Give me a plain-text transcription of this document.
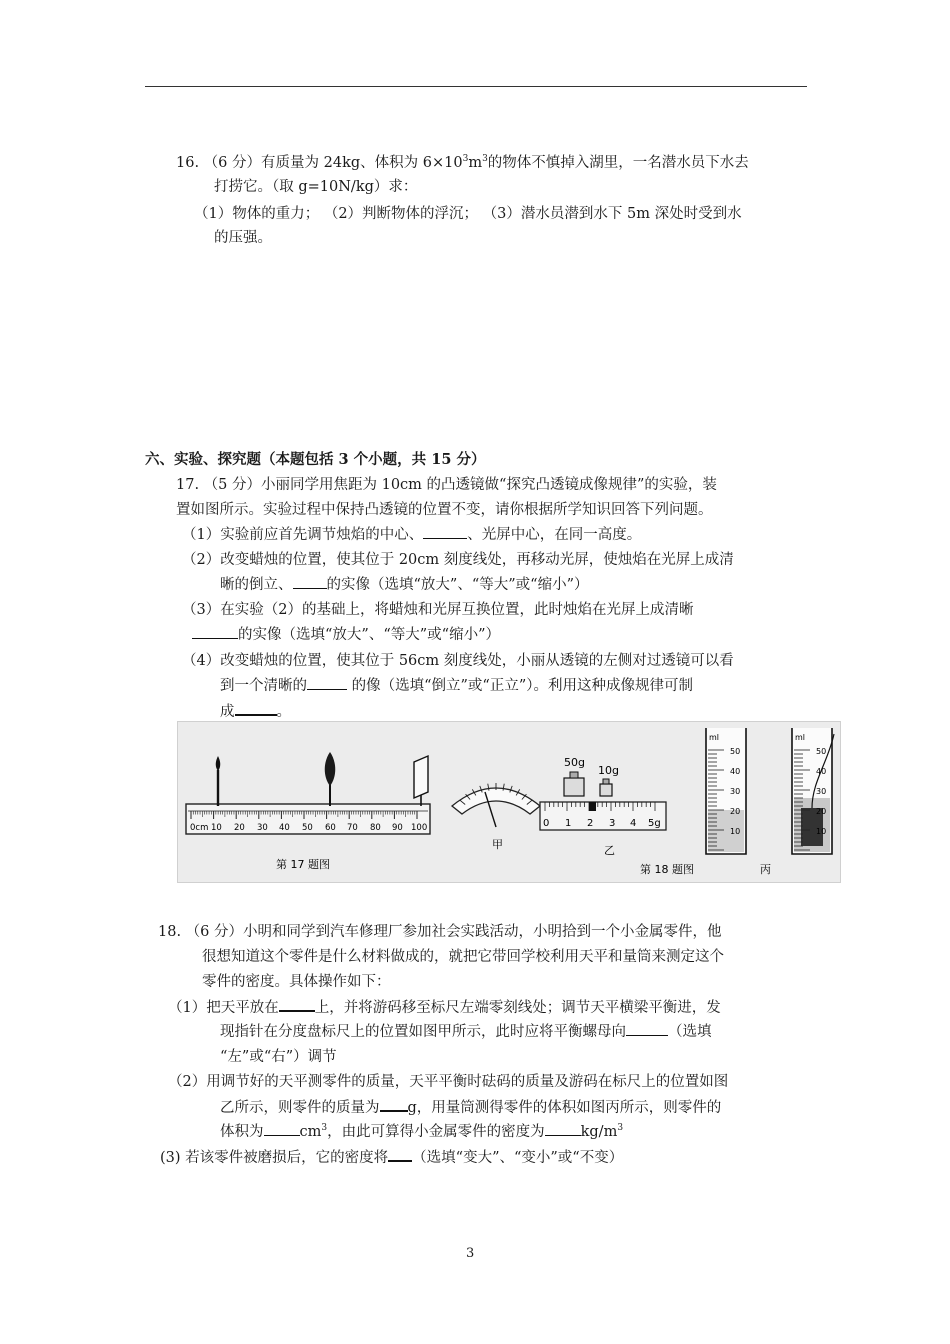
16. （6 分）有质量为 24kg、体积为 $6\times 10^3m^3$的物体不慎掉入湖里，一名潜水员下水去
打捞它。（取 g=10N/kg）求：
（1）物体的重力； （2）判断物体的浮沉； （3）潜水员潜到水下 5m 深处时受到水
的压强。
六、实验、探究题（本题包括 3 个小题，共 15 分）
17. （5 分）小丽同学用焦距为 10cm 的凸透镜做“探究凸透镜成像规律”的实验，装
置如图所示。实验过程中保持凸透镜的位置不变，请你根据所学知识回答下列问题。
（1）实验前应首先调节烛焰的中心、	、光屏中心，在同一高度。
（2）改变蜡烛的位置，使其位于 20cm 刻度线处，再移动光屏，使烛焰在光屏上成清
晰的倒立、 的实像（选填“放大”、“等大”或“缩小”）
（3）在实验（2）的基础上，将蜡烛和光屏互换位置，此时烛焰在光屏上成清晰
的实像（选填“放大”、“等大”或“缩小”）
（4）改变蜡烛的位置，使其位于 56cm 刻度线处，小丽从透镜的左侧对过透镜可以看
到一个清晰的	的像（选填“倒立”或“正立”）。利用这种成像规律可制
成	。
0cm 10 20 30 40 50 60 70 80 90 100
第 17 题图
甲
50g
10g
0 1 2 3 4 5g
乙
第 18 题图
ml
50
40
30
20
10
ml
50
40
30
20
10
丙
18. （6 分）小明和同学到汽车修理厂参加社会实践活动，小明拾到一个小金属零件，他
很想知道这个零件是什么材料做成的，就把它带回学校利用天平和量筒来测定这个
零件的密度。具体操作如下：
（1）把天平放在 上，并将游码移至标尺左端零刻线处；调节天平横梁平衡进，发
现指针在分度盘标尺上的位置如图甲所示，此时应将平衡螺母向	（选填
“左”或“右”）调节
（2）用调节好的天平测零件的质量，天平平衡时砝码的质量及游码在标尺上的位置如图
乙所示，则零件的质量为 g，用量筒测得零件的体积如图丙所示，则零件的
体积为 $cm^3$，由此可算得小金属零件的密度为 $kg/m^3$
(3) 若该零件被磨损后，它的密度将 （选填“变大”、“变小”或“不变）
3
